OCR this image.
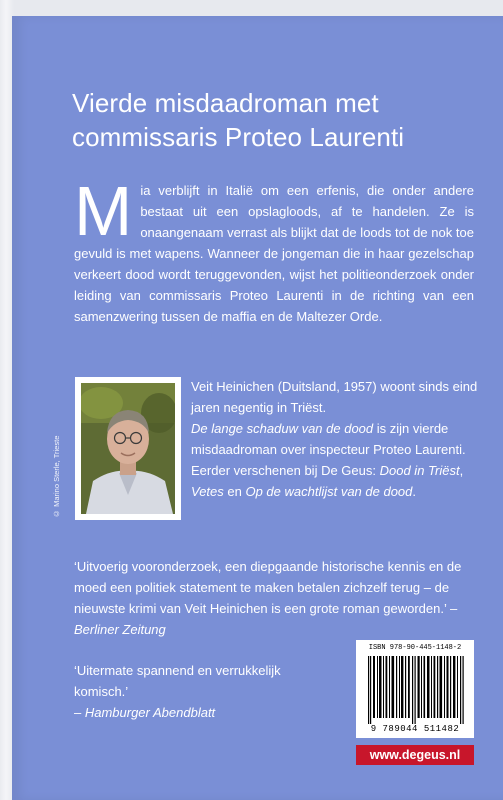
Vierde misdaadroman met
commissaris Proteo Laurenti
Mia verblijft in Italië om een erfenis, die onder andere bestaat uit een opslagloods, af te handelen. Ze is onaangenaam verrast als blijkt dat de loods tot de nok toe gevuld is met wapens. Wanneer de jongeman die in haar gezelschap verkeert dood wordt teruggevonden, wijst het politieonderzoek onder leiding van commissaris Proteo Laurenti in de richting van een samenzwering tussen de maffia en de Maltezer Orde.
© Marino Sterle, Trieste
Veit Heinichen (Duitsland, 1957) woont sinds eind jaren negentig in Triëst.
De lange schaduw van de dood is zijn vierde misdaadroman over inspecteur Proteo Laurenti. Eerder verschenen bij De Geus: Dood in Triëst, Vetes en Op de wachtlijst van de dood.
‘Uitvoerig vooronderzoek, een diepgaande historische kennis en de moed een politiek statement te maken betalen zichzelf terug – de nieuwste krimi van Veit Heinichen is een grote roman geworden.’ – Berliner Zeitung
‘Uitermate spannend en verrukkelijk komisch.’
– Hamburger Abendblatt
ISBN 978-90-445-1148-2
9 789044 511482
www.degeus.nl
